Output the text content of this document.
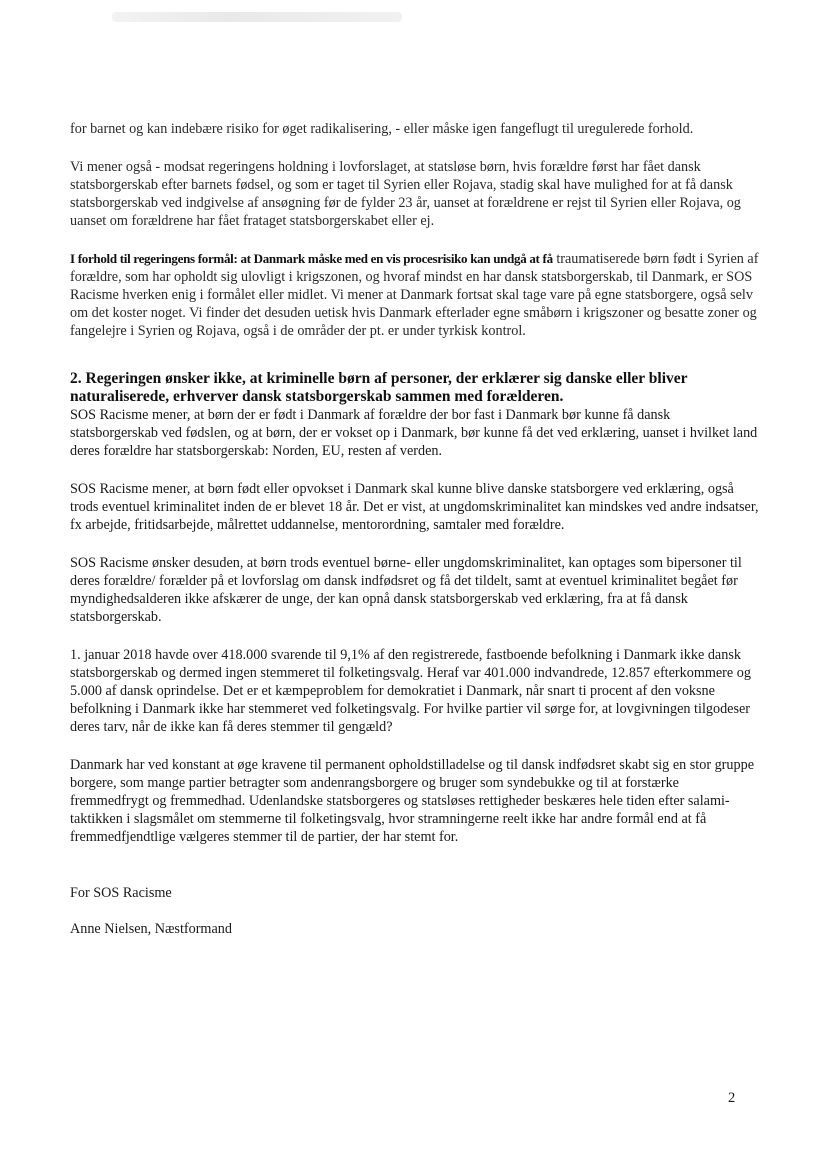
for barnet og kan indebære risiko for øget radikalisering, - eller måske igen fangeflugt til uregulerede forhold.

Vi mener også - modsat regeringens holdning i lovforslaget, at statsløse børn, hvis forældre først har fået dansk statsborgerskab efter barnets fødsel, og som er taget til Syrien eller Rojava, stadig skal have mulighed for at få dansk statsborgerskab ved indgivelse af ansøgning før de fylder 23 år, uanset at forældrene er rejst til Syrien eller Rojava, og uanset om forældrene har fået frataget statsborgerskabet eller ej.

I forhold til regeringens formål: at Danmark måske med en vis procesrisiko kan undgå at få traumatiserede børn født i Syrien af forældre, som har opholdt sig ulovligt i krigszonen, og hvoraf mindst en har dansk statsborgerskab, til Danmark, er SOS Racisme hverken enig i formålet eller midlet. Vi mener at Danmark fortsat skal tage vare på egne statsborgere, også selv om det koster noget. Vi finder det desuden uetisk hvis Danmark efterlader egne småbørn i krigszoner og besatte zoner og fangelejre i Syrien og Rojava, også i de områder der pt. er under tyrkisk kontrol.

2. Regeringen ønsker ikke, at kriminelle børn af personer, der erklærer sig danske eller bliver naturaliserede, erhverver dansk statsborgerskab sammen med forælderen.

SOS Racisme mener, at børn der er født i Danmark af forældre der bor fast i Danmark bør kunne få dansk statsborgerskab ved fødslen, og at børn, der er vokset op i Danmark, bør kunne få det ved erklæring, uanset i hvilket land deres forældre har statsborgerskab: Norden, EU, resten af verden.

SOS Racisme mener, at børn født eller opvokset i Danmark skal kunne blive danske statsborgere ved erklæring, også trods eventuel kriminalitet inden de er blevet 18 år. Det er vist, at ungdomskriminalitet kan mindskes ved andre indsatser, fx arbejde, fritidsarbejde, målrettet uddannelse, mentorordning, samtaler med forældre.

SOS Racisme ønsker desuden, at børn trods eventuel børne- eller ungdomskriminalitet, kan optages som bipersoner til deres forældre/ forælder på et lovforslag om dansk indfødsret og få det tildelt, samt at eventuel kriminalitet begået før myndighedsalderen ikke afskærer de unge, der kan opnå dansk statsborgerskab ved erklæring, fra at få dansk statsborgerskab.

1. januar 2018 havde over 418.000 svarende til 9,1% af den registrerede, fastboende befolkning i Danmark ikke dansk statsborgerskab og dermed ingen stemmeret til folketingsvalg. Heraf var 401.000 indvandrede, 12.857 efterkommere og 5.000 af dansk oprindelse. Det er et kæmpeproblem for demokratiet i Danmark, når snart ti procent af den voksne befolkning i Danmark ikke har stemmeret ved folketingsvalg. For hvilke partier vil sørge for, at lovgivningen tilgodeser deres tarv, når de ikke kan få deres stemmer til gengæld?

Danmark har ved konstant at øge kravene til permanent opholdstilladelse og til dansk indfødsret skabt sig en stor gruppe borgere, som mange partier betragter som andenrangsborgere og bruger som syndebukke og til at forstærke fremmedfrygt og fremmedhad. Udenlandske statsborgeres og statsløses rettigheder beskæres hele tiden efter salami-taktikken i slagsmålet om stemmerne til folketingsvalg, hvor stramningerne reelt ikke har andre formål end at få fremmedfjendtlige vælgeres stemmer til de partier, der har stemt for.

For SOS Racisme

Anne Nielsen, Næstformand

2
